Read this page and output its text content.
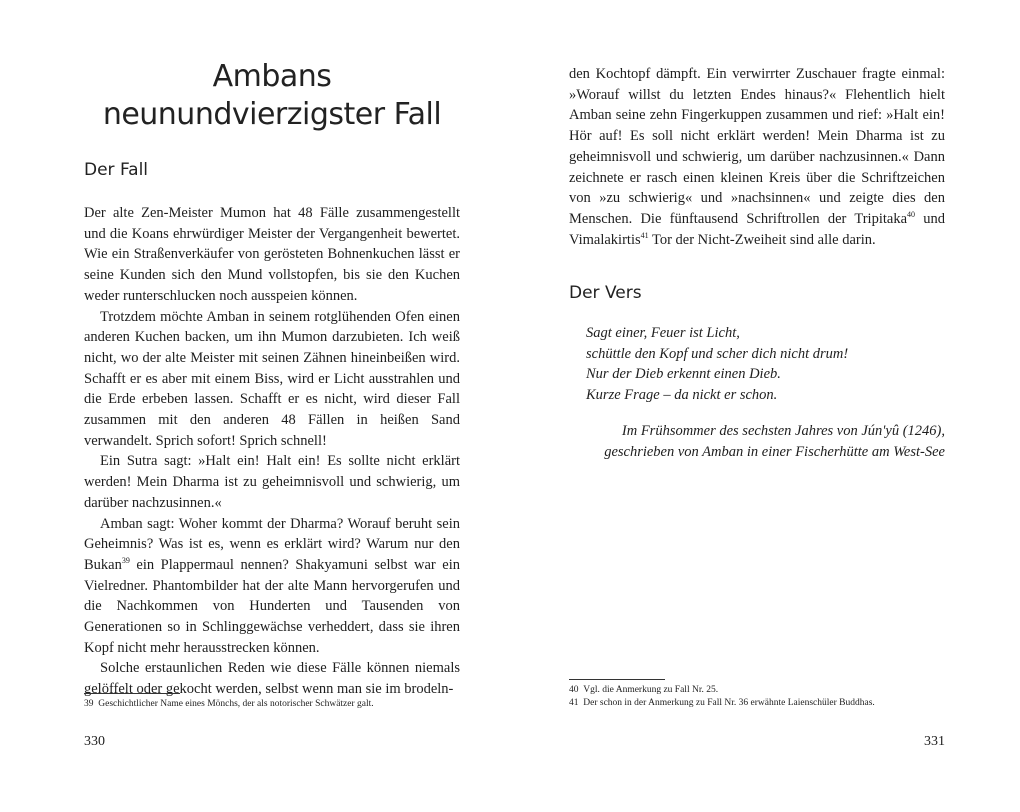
Ambans
neunundvierzigster Fall
Der Fall

Der alte Zen-Meister Mumon hat 48 Fälle zusammengestellt und die Koans ehrwürdiger Meister der Vergangenheit bewertet. Wie ein Straßenverkäufer von gerösteten Bohnenkuchen lässt er seine Kunden sich den Mund vollstopfen, bis sie den Kuchen weder runterschlucken noch ausspeien können.

Trotzdem möchte Amban in seinem rotglühenden Ofen einen anderen Kuchen backen, um ihn Mumon darzubieten. Ich weiß nicht, wo der alte Meister mit seinen Zähnen hineinbeißen wird. Schafft er es aber mit einem Biss, wird er Licht ausstrahlen und die Erde erbeben lassen. Schafft er es nicht, wird dieser Fall zusammen mit den anderen 48 Fällen in heißen Sand verwandelt. Sprich sofort! Sprich schnell!

Ein Sutra sagt: »Halt ein! Halt ein! Es sollte nicht erklärt werden! Mein Dharma ist zu geheimnisvoll und schwierig, um darüber nachzusinnen.«

Amban sagt: Woher kommt der Dharma? Worauf beruht sein Geheimnis? Was ist es, wenn es erklärt wird? Warum nur den Bukan$^{39}$ ein Plappermaul nennen? Shakyamuni selbst war ein Vielredner. Phantombilder hat der alte Mann hervorgerufen und die Nachkommen von Hunderten und Tausenden von Generationen so in Schlinggewächse verheddert, dass sie ihren Kopf nicht mehr herausstrecken können.

Solche erstaunlichen Reden wie diese Fälle können niemals gelöffelt oder gekocht werden, selbst wenn man sie im brodeln-

39  Geschichtlicher Name eines Mönchs, der als notorischer Schwätzer galt.
330

den Kochtopf dämpft. Ein verwirrter Zuschauer fragte einmal: »Worauf willst du letzten Endes hinaus?« Flehentlich hielt Amban seine zehn Fingerkuppen zusammen und rief: »Halt ein! Hör auf! Es soll nicht erklärt werden! Mein Dharma ist zu geheimnisvoll und schwierig, um darüber nachzusinnen.« Dann zeichnete er rasch einen kleinen Kreis über die Schriftzeichen von »zu schwierig« und »nachsinnen« und zeigte dies den Menschen. Die fünftausend Schriftrollen der Tripitaka$^{40}$ und Vimalakirtis$^{41}$ Tor der Nicht-Zweiheit sind alle darin.

Der Vers
Sagt einer, Feuer ist Licht,
schüttle den Kopf und scher dich nicht drum!
Nur der Dieb erkennt einen Dieb.
Kurze Frage – da nickt er schon.
Im Frühsommer des sechsten Jahres von Jún'yû (1246),
geschrieben von Amban in einer Fischerhütte am West-See
40  Vgl. die Anmerkung zu Fall Nr. 25.
41  Der schon in der Anmerkung zu Fall Nr. 36 erwähnte Laienschüler Buddhas.
331
